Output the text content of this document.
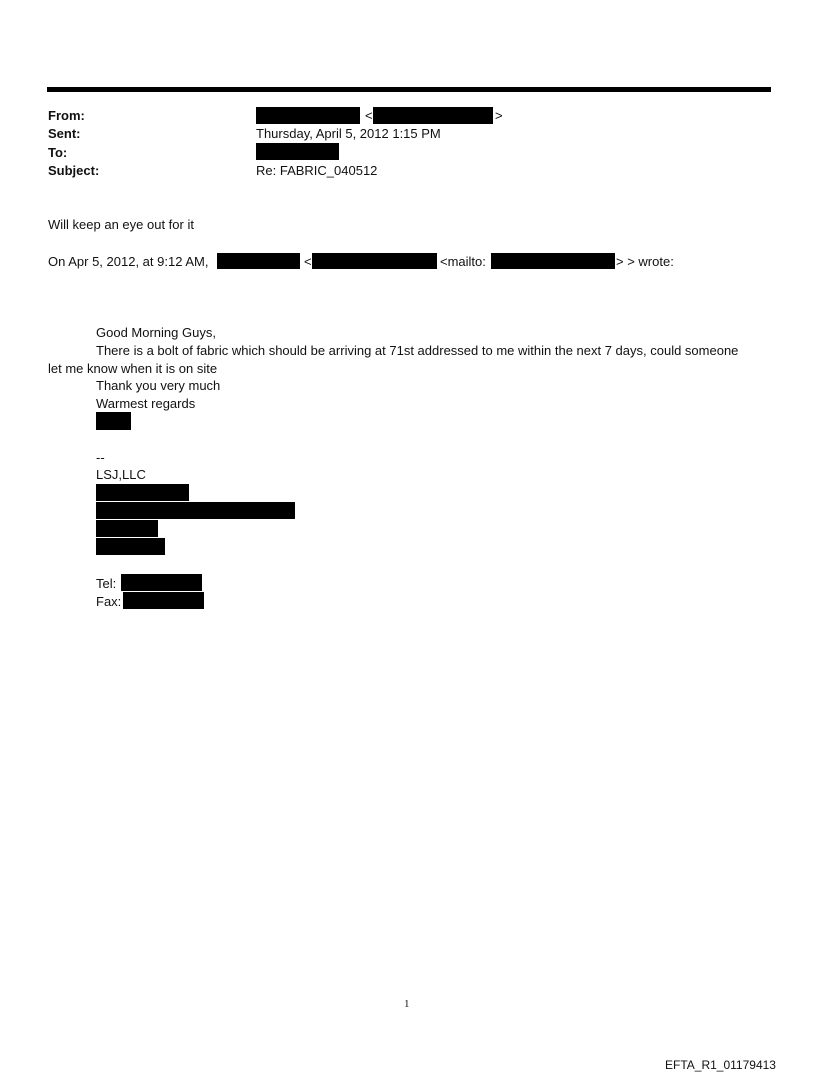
From:	<	>
Sent:	Thursday, April 5, 2012 1:15 PM
To:
Subject:	Re: FABRIC_040512
Will keep an eye out for it
On Apr 5, 2012, at 9:12 AM,	<	<mailto:	> > wrote:
Good Morning Guys,
There is a bolt of fabric which should be arriving at 71st addressed to me within the next 7 days, could someone
let me know when it is on site
Thank you very much
Warmest regards
--
LSJ,LLC
Tel:
Fax:
1
EFTA_R1_01179413
